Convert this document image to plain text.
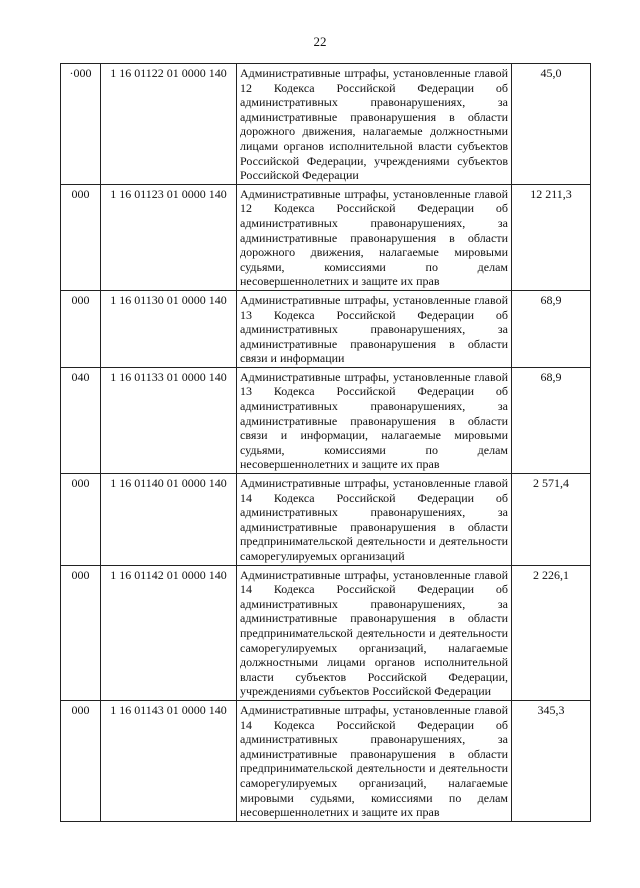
22
·000	1 16 01122 01 0000 140	Административные штрафы, установленные главой 12 Кодекса Российской Федерации об административных правонарушениях, за административные правонарушения в области дорожного движения, налагаемые должностными лицами органов исполнительной власти субъектов Российской Федерации, учреждениями субъектов Российской Федерации	45,0
000	1 16 01123 01 0000 140	Административные штрафы, установленные главой 12 Кодекса Российской Федерации об административных правонарушениях, за административные правонарушения в области дорожного движения, налагаемые мировыми судьями, комиссиями по делам несовершеннолетних и защите их прав	12 211,3
000	1 16 01130 01 0000 140	Административные штрафы, установленные главой 13 Кодекса Российской Федерации об административных правонарушениях, за административные правонарушения в области связи и информации	68,9
040	1 16 01133 01 0000 140	Административные штрафы, установленные главой 13 Кодекса Российской Федерации об административных правонарушениях, за административные правонарушения в области связи и информации, налагаемые мировыми судьями, комиссиями по делам несовершеннолетних и защите их прав	68,9
000	1 16 01140 01 0000 140	Административные штрафы, установленные главой 14 Кодекса Российской Федерации об административных правонарушениях, за административные правонарушения в области предпринимательской деятельности и деятельности саморегулируемых организаций	2 571,4
000	1 16 01142 01 0000 140	Административные штрафы, установленные главой 14 Кодекса Российской Федерации об административных правонарушениях, за административные правонарушения в области предпринимательской деятельности и деятельности саморегулируемых организаций, налагаемые должностными лицами органов исполнительной власти субъектов Российской Федерации, учреждениями субъектов Российской Федерации	2 226,1
000	1 16 01143 01 0000 140	Административные штрафы, установленные главой 14 Кодекса Российской Федерации об административных правонарушениях, за административные правонарушения в области предпринимательской деятельности и деятельности саморегулируемых организаций, налагаемые мировыми судьями, комиссиями по делам несовершеннолетних и защите их прав	345,3
